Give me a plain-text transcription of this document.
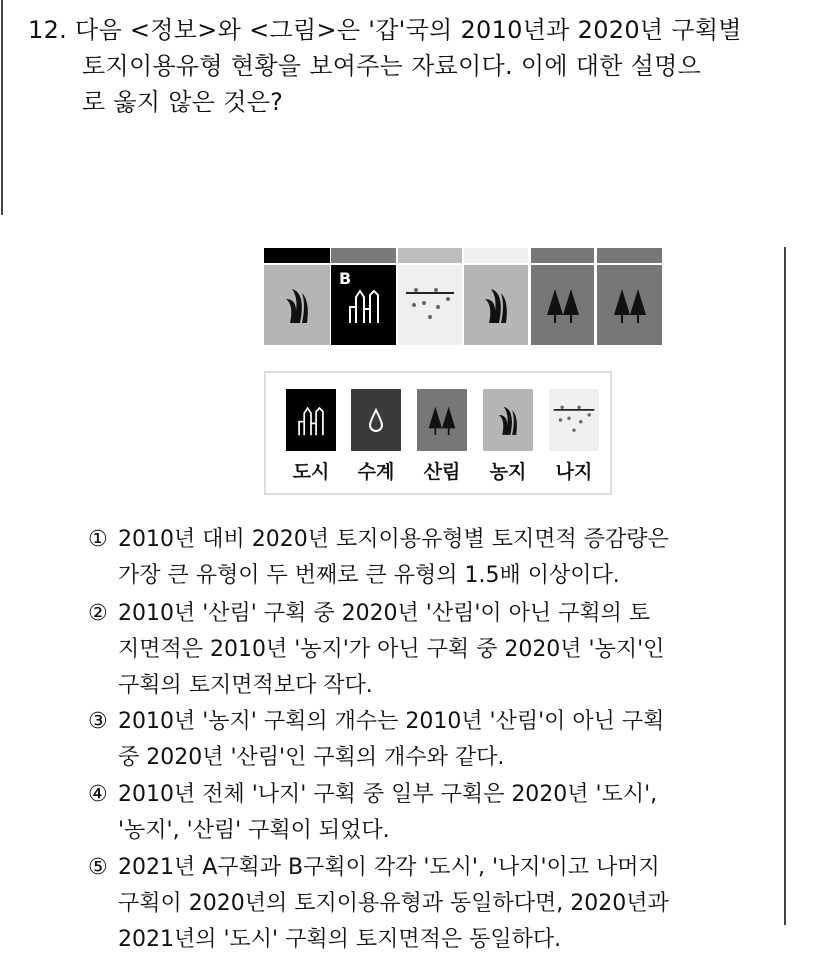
12. 다음 <정보>와 <그림>은 '갑'국의 2010년과 2020년 구획별
토지이용유형 현황을 보여주는 자료이다. 이에 대한 설명으
로 옳지 않은 것은?
B
도시	수계	산림	농지	나지
① 2010년 대비 2020년 토지이용유형별 토지면적 증감량은
가장 큰 유형이 두 번째로 큰 유형의 1.5배 이상이다.
② 2010년 '산림' 구획 중 2020년 '산림'이 아닌 구획의 토
지면적은 2010년 '농지'가 아닌 구획 중 2020년 '농지'인
구획의 토지면적보다 작다.
③ 2010년 '농지' 구획의 개수는 2010년 '산림'이 아닌 구획
중 2020년 '산림'인 구획의 개수와 같다.
④ 2010년 전체 '나지' 구획 중 일부 구획은 2020년 '도시',
'농지', '산림' 구획이 되었다.
⑤ 2021년 A구획과 B구획이 각각 '도시', '나지'이고 나머지
구획이 2020년의 토지이용유형과 동일하다면, 2020년과
2021년의 '도시' 구획의 토지면적은 동일하다.
